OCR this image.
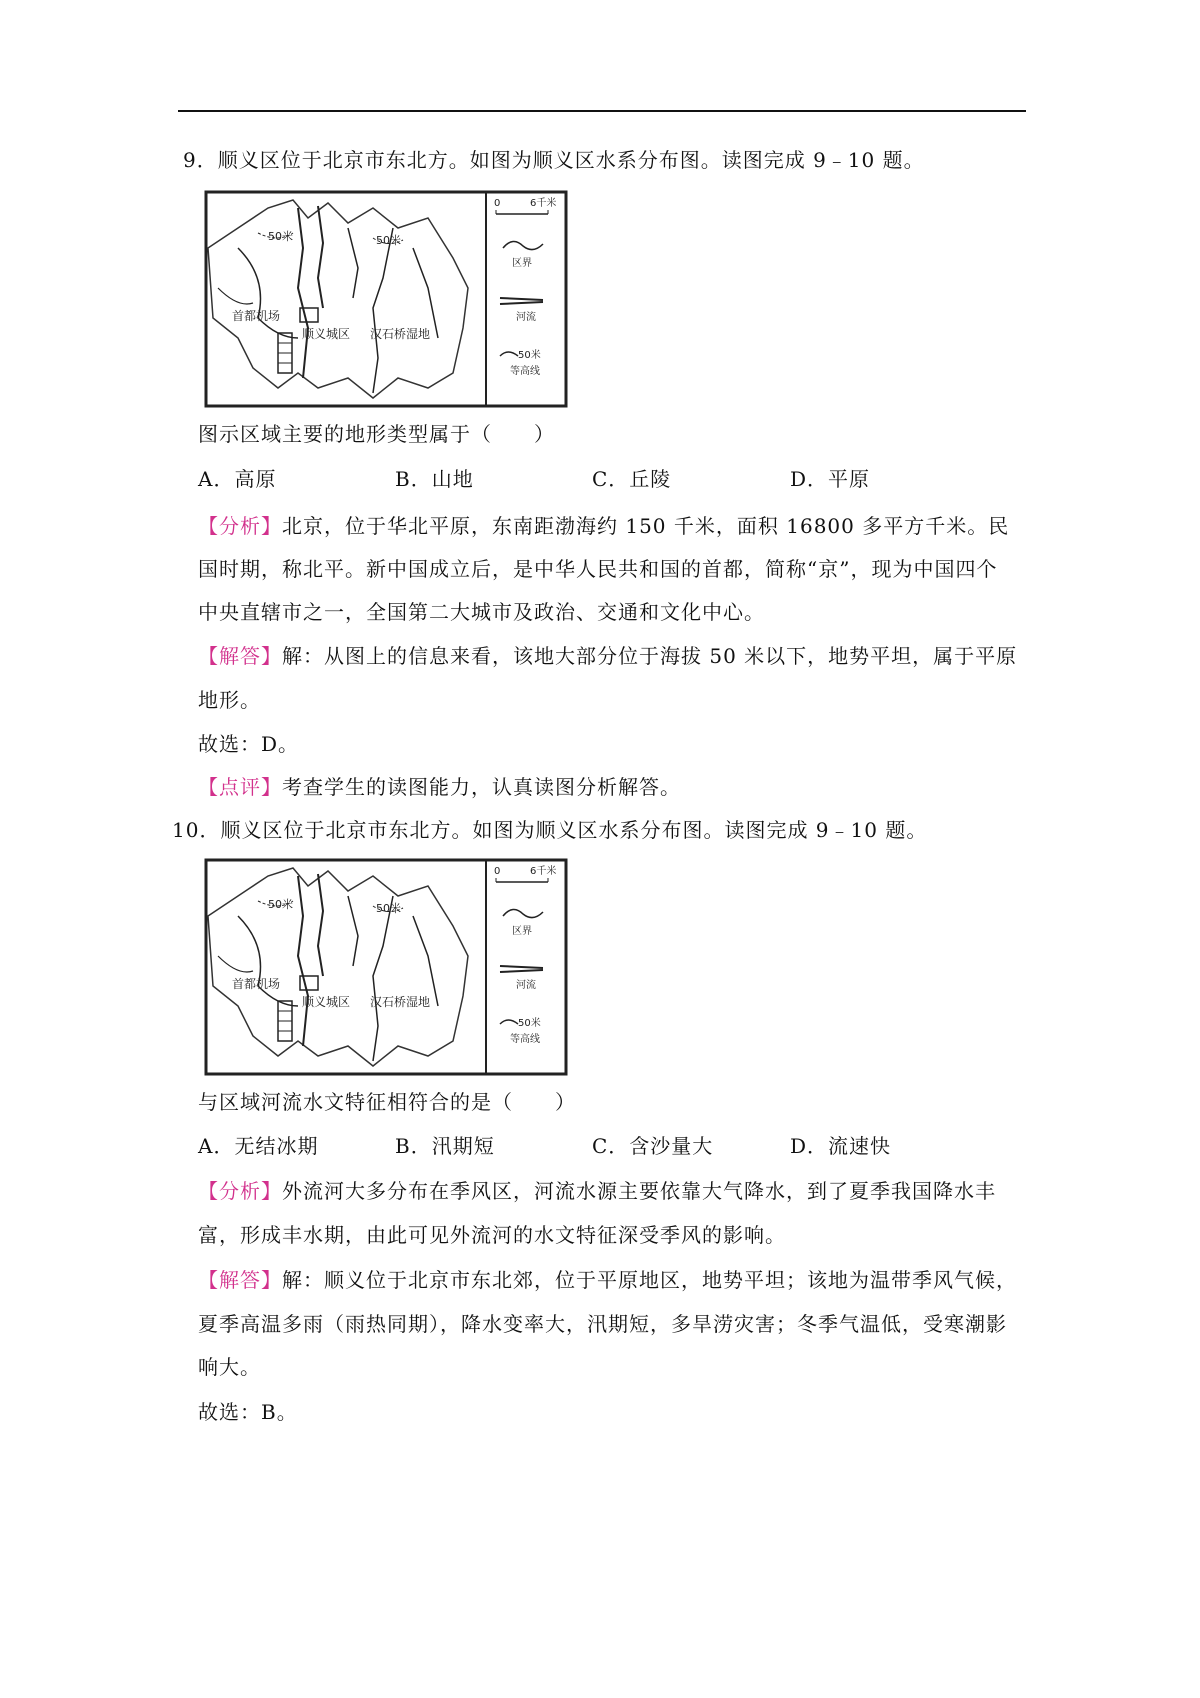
9．顺义区位于北京市东北方。如图为顺义区水系分布图。读图完成 9﹣10 题。
50米	50米
首都机场
顺义城区 汉石桥湿地
0	6千米
区界
河流
50米
等高线
图示区域主要的地形类型属于（　　）
A．高原	B．山地	C．丘陵	D．平原
【分析】北京，位于华北平原，东南距渤海约 150 千米，面积 16800 多平方千米。民
国时期，称北平。新中国成立后，是中华人民共和国的首都，简称“京”，现为中国四个
中央直辖市之一，全国第二大城市及政治、交通和文化中心。
【解答】解：从图上的信息来看，该地大部分位于海拔 50 米以下，地势平坦，属于平原
地形。
故选：D。
【点评】考查学生的读图能力，认真读图分析解答。
10．顺义区位于北京市东北方。如图为顺义区水系分布图。读图完成 9﹣10 题。
50米	50米
首都机场
顺义城区 汉石桥湿地
0	6千米
区界
河流
50米
等高线
与区域河流水文特征相符合的是（　　）
A．无结冰期	B．汛期短	C．含沙量大	D．流速快
【分析】外流河大多分布在季风区，河流水源主要依靠大气降水，到了夏季我国降水丰
富，形成丰水期，由此可见外流河的水文特征深受季风的影响。
【解答】解：顺义位于北京市东北郊，位于平原地区，地势平坦；该地为温带季风气候，
夏季高温多雨（雨热同期），降水变率大，汛期短，多旱涝灾害；冬季气温低，受寒潮影
响大。
故选：B。
